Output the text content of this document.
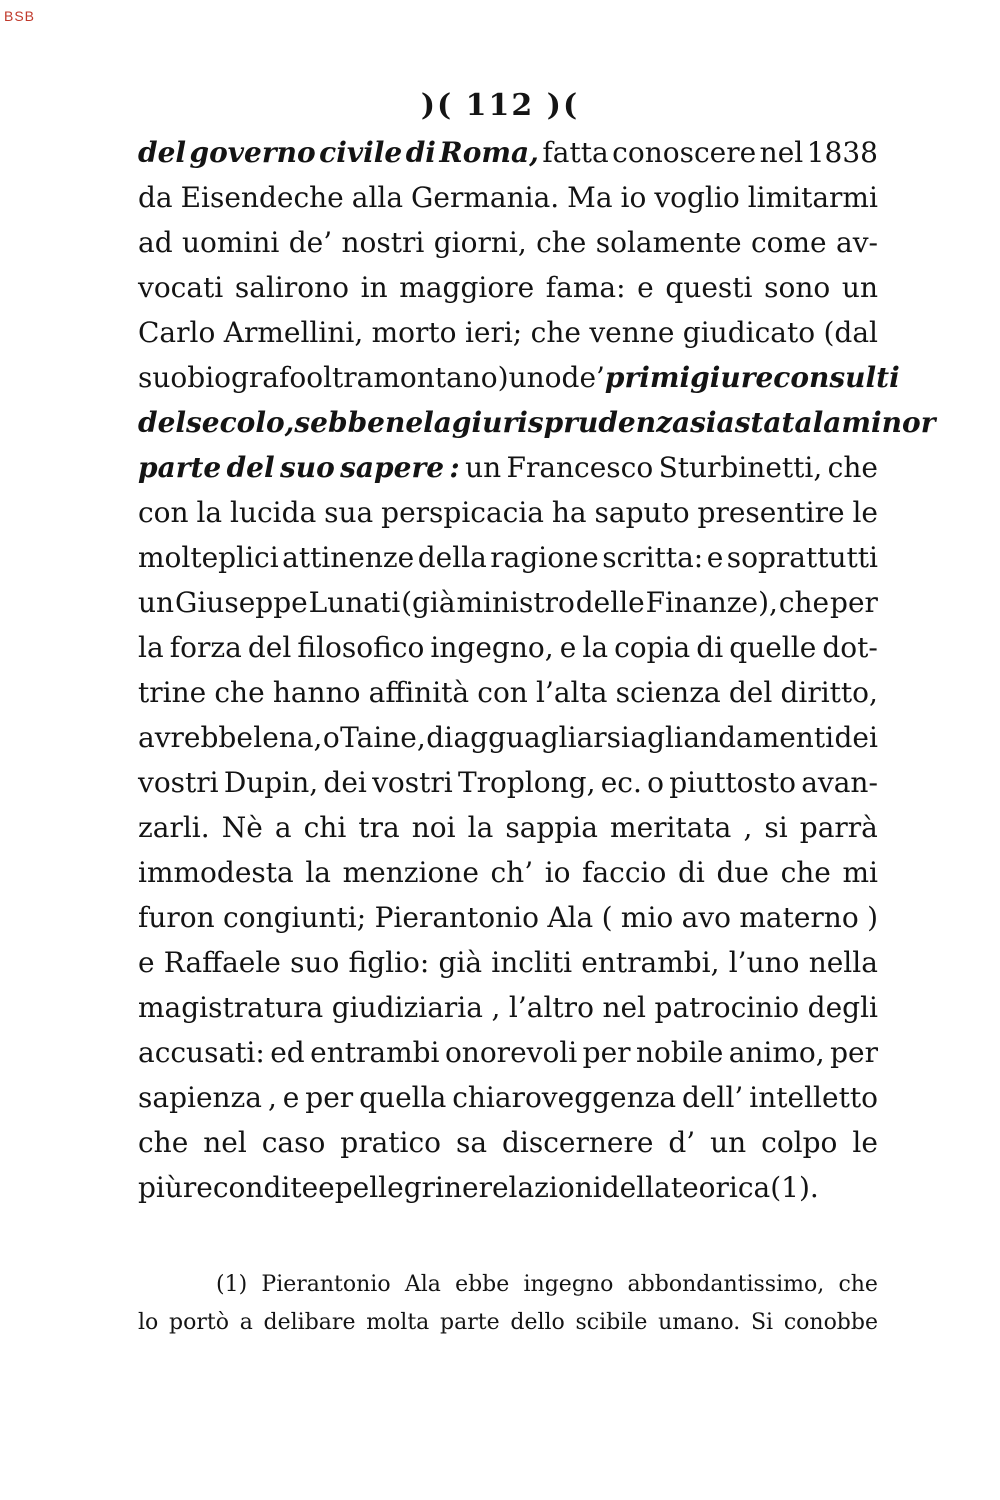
BSB
)( 112 )(
del governo civile di Roma, fatta conoscere nel 1838
da Eisendeche alla Germania. Ma io voglio limitarmi
ad uomini de’ nostri giorni, che solamente come av-
vocati salirono in maggiore fama: e questi sono un
Carlo Armellini, morto ieri; che venne giudicato (dal
suo biografo oltramontano) uno de’ primi giureconsulti
del secolo, sebbene la giurisprudenza sia stata la minor
parte del suo sapere : un Francesco Sturbinetti, che
con la lucida sua perspicacia ha saputo presentire le
molteplici attinenze della ragione scritta: e soprattutti
un Giuseppe Lunati (già ministro delle Finanze), che per
la forza del filosofico ingegno, e la copia di quelle dot-
trine che hanno affinità con l’alta scienza del diritto,
avrebbe lena, o Taine, di agguagliarsi agli andamenti dei
vostri Dupin, dei vostri Troplong, ec. o piuttosto avan-
zarli. Nè a chi tra noi la sappia meritata , si parrà
immodesta la menzione ch’ io faccio di due che mi
furon congiunti; Pierantonio Ala ( mio avo materno )
e Raffaele suo figlio: già incliti entrambi, l’uno nella
magistratura giudiziaria , l’altro nel patrocinio degli
accusati: ed entrambi onorevoli per nobile animo, per
sapienza , e per quella chiaroveggenza dell’ intelletto
che nel caso pratico sa discernere d’ un colpo le
più recondite e pellegrine relazioni della teorica (1).
(1) Pierantonio Ala ebbe ingegno abbondantissimo, che
lo portò a delibare molta parte dello scibile umano. Si conobbe
